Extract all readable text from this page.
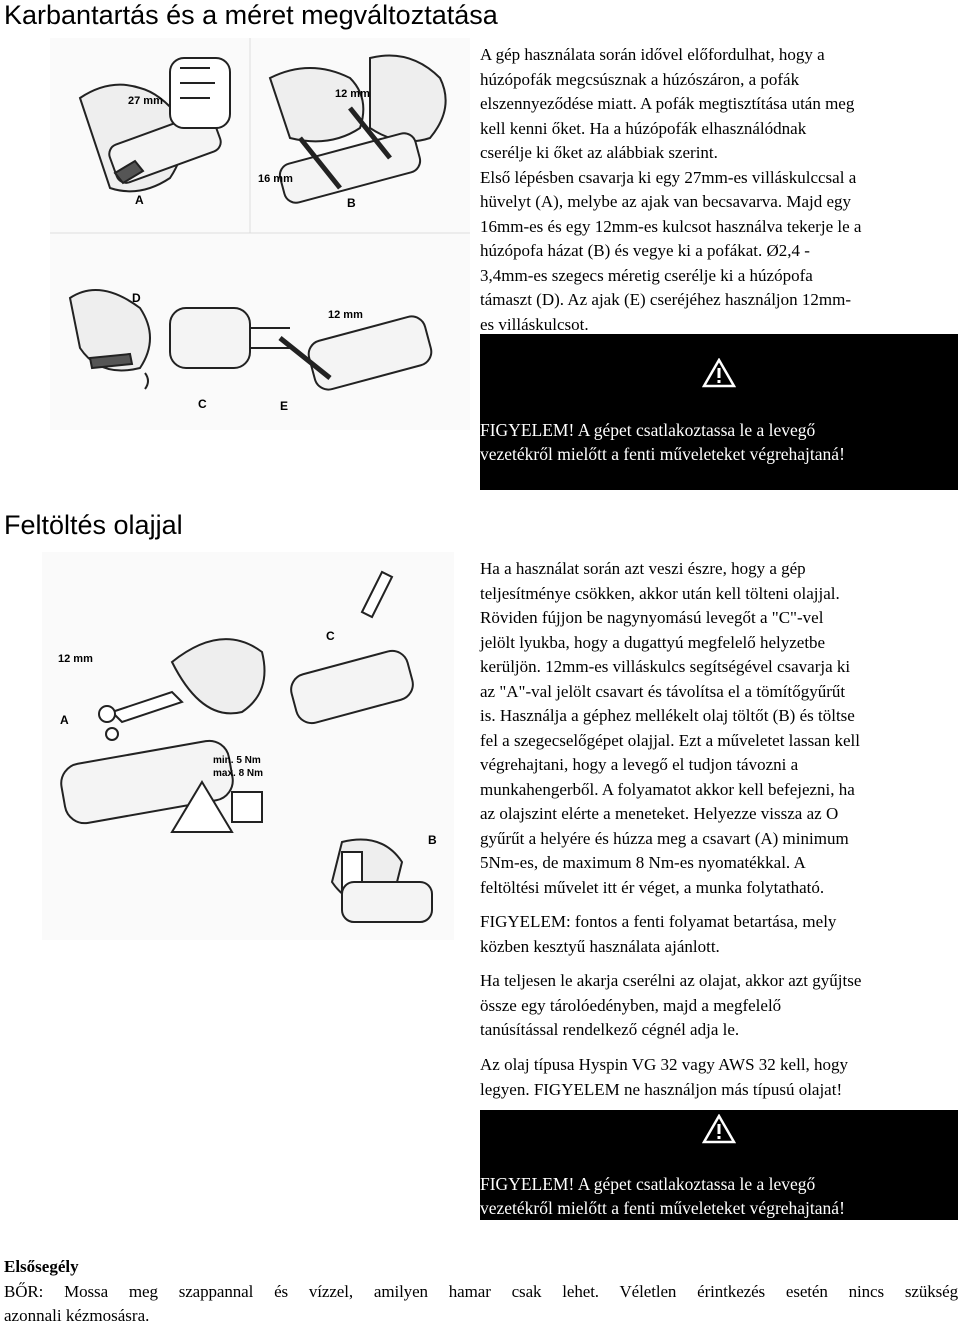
Karbantartás és a méret megváltoztatása
27 mm
A
12 mm
16 mm
B
D
C
12 mm
E
A gép használata során idővel előfordulhat, hogy a
húzópofák megcsúsznak a húzószáron, a pofák
elszennyeződése miatt. A pofák megtisztítása után meg
kell kenni őket. Ha a húzópofák elhasználódnak
cserélje ki őket az alábbiak szerint.
Első lépésben csavarja ki egy 27mm-es villáskulccsal a
hüvelyt (A), melybe az ajak van becsavarva. Majd egy
16mm-es és egy 12mm-es kulcsot használva tekerje le a
húzópofa házat (B) és vegye ki a pofákat. Ø2,4 -
3,4mm-es szegecs méretig cserélje ki a húzópofa
támaszt (D). Az ajak (E) cseréjéhez használjon 12mm-
es villáskulcsot.
FIGYELEM! A gépet csatlakoztassa le a levegő
vezetékről mielőtt a fenti műveleteket végrehajtaná!
Feltöltés olajjal
12 mm
A
C
B
min. 5 Nm
max. 8 Nm
Ha a használat során azt veszi észre, hogy a gép
teljesítménye csökken, akkor után kell tölteni olajjal.
Röviden fújjon be nagynyomású levegőt a "C"-vel
jelölt lyukba, hogy a dugattyú megfelelő helyzetbe
kerüljön. 12mm-es villáskulcs segítségével csavarja ki
az "A"-val jelölt csavart és távolítsa el a tömítőgyűrűt
is. Használja a géphez mellékelt olaj töltőt (B) és töltse
fel a szegecselőgépet olajjal. Ezt a műveletet lassan kell
végrehajtani, hogy a levegő el tudjon távozni a
munkahengerből. A folyamatot akkor kell befejezni, ha
az olajszint elérte a meneteket. Helyezze vissza az O
gyűrűt a helyére és húzza meg a csavart (A) minimum
5Nm-es, de maximum 8 Nm-es nyomatékkal. A
feltöltési művelet itt ér véget, a munka folytatható.
FIGYELEM: fontos a fenti folyamat betartása, mely
közben kesztyű használata ajánlott.
Ha teljesen le akarja cserélni az olajat, akkor azt gyűjtse
össze egy tárolóedényben, majd a megfelelő
tanúsítással rendelkező cégnél adja le.
Az olaj típusa Hyspin VG 32 vagy AWS 32 kell, hogy
legyen. FIGYELEM ne használjon más típusú olajat!
FIGYELEM! A gépet csatlakoztassa le a levegő
vezetékről mielőtt a fenti műveleteket végrehajtaná!
Elsősegély
BŐR: Mossa meg szappannal és vízzel, amilyen hamar csak lehet. Véletlen érintkezés esetén nincs szükség
azonnali kézmosásra.
